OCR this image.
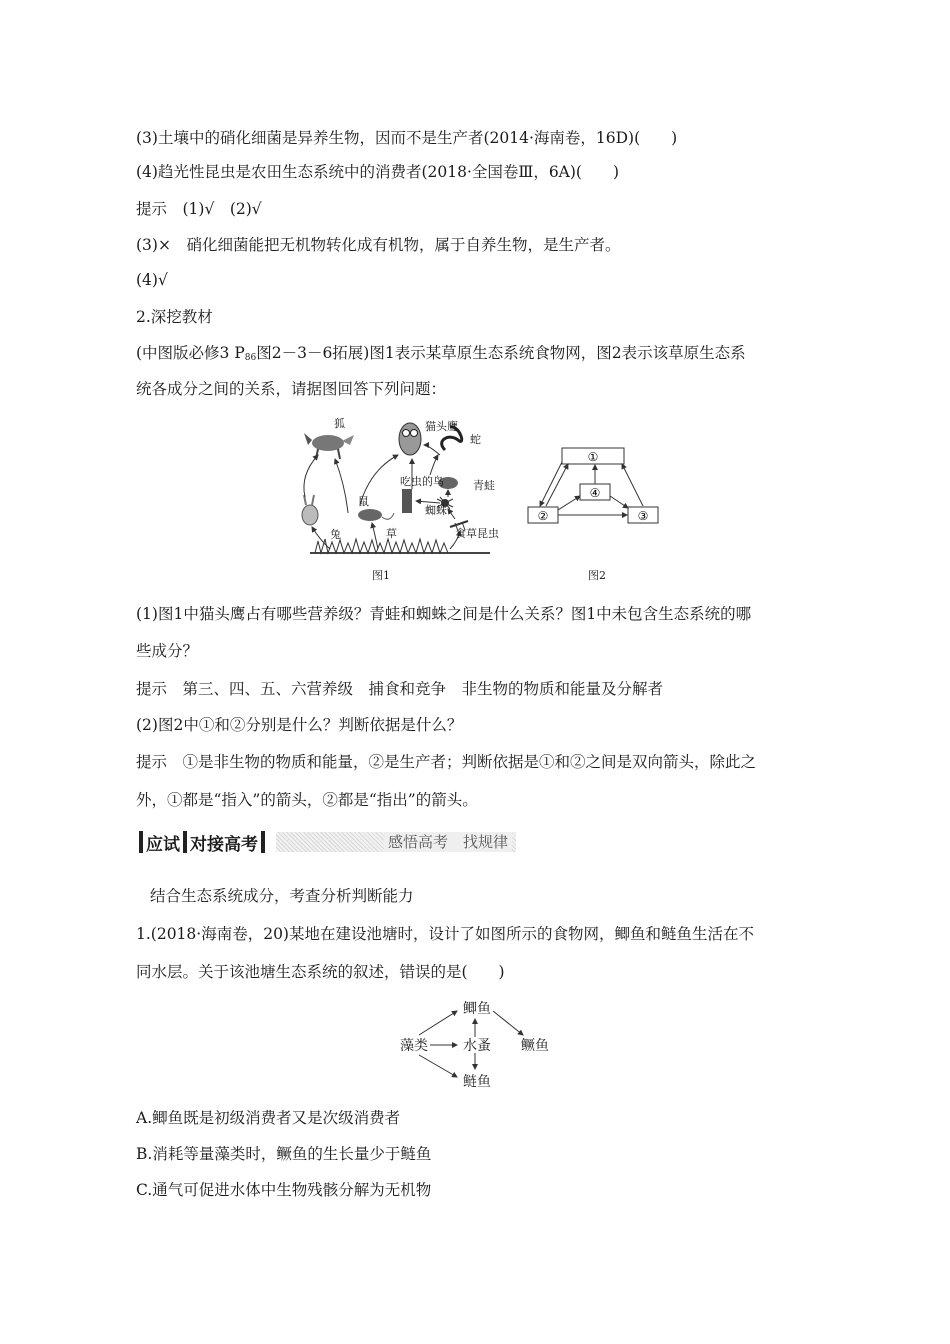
(3)土壤中的硝化细菌是异养生物，因而不是生产者(2014·海南卷，16D)(　　)
(4)趋光性昆虫是农田生态系统中的消费者(2018·全国卷Ⅲ，6A)(　　)
提示　(1)√　(2)√
(3)×　硝化细菌能把无机物转化成有机物，属于自养生物，是生产者。
(4)√
2.深挖教材
(中图版必修3 P86图2－3－6拓展)图1表示某草原生态系统食物网，图2表示该草原生态系
统各成分之间的关系，请据图回答下列问题：
狐	猫头鹰
蛇
吃虫的鸟	青蛙
蜘蛛
食草昆虫
兔
鼠
草
图1
①
②	③
④
图2
(1)图1中猫头鹰占有哪些营养级？青蛙和蜘蛛之间是什么关系？图1中未包含生态系统的哪
些成分？
提示　第三、四、五、六营养级　捕食和竞争　非生物的物质和能量及分解者
(2)图2中①和②分别是什么？判断依据是什么？
提示　①是非生物的物质和能量，②是生产者；判断依据是①和②之间是双向箭头，除此之
外，①都是“指入”的箭头，②都是“指出”的箭头。
应试 对接高考	感悟高考　找规律
结合生态系统成分，考查分析判断能力
1.(2018·海南卷，20)某地在建设池塘时，设计了如图所示的食物网，鲫鱼和鲢鱼生活在不
同水层。关于该池塘生态系统的叙述，错误的是(　　)
鲫鱼
藻类	水蚤 鳜鱼
鲢鱼
A.鲫鱼既是初级消费者又是次级消费者
B.消耗等量藻类时，鳜鱼的生长量少于鲢鱼
C.通气可促进水体中生物残骸分解为无机物
